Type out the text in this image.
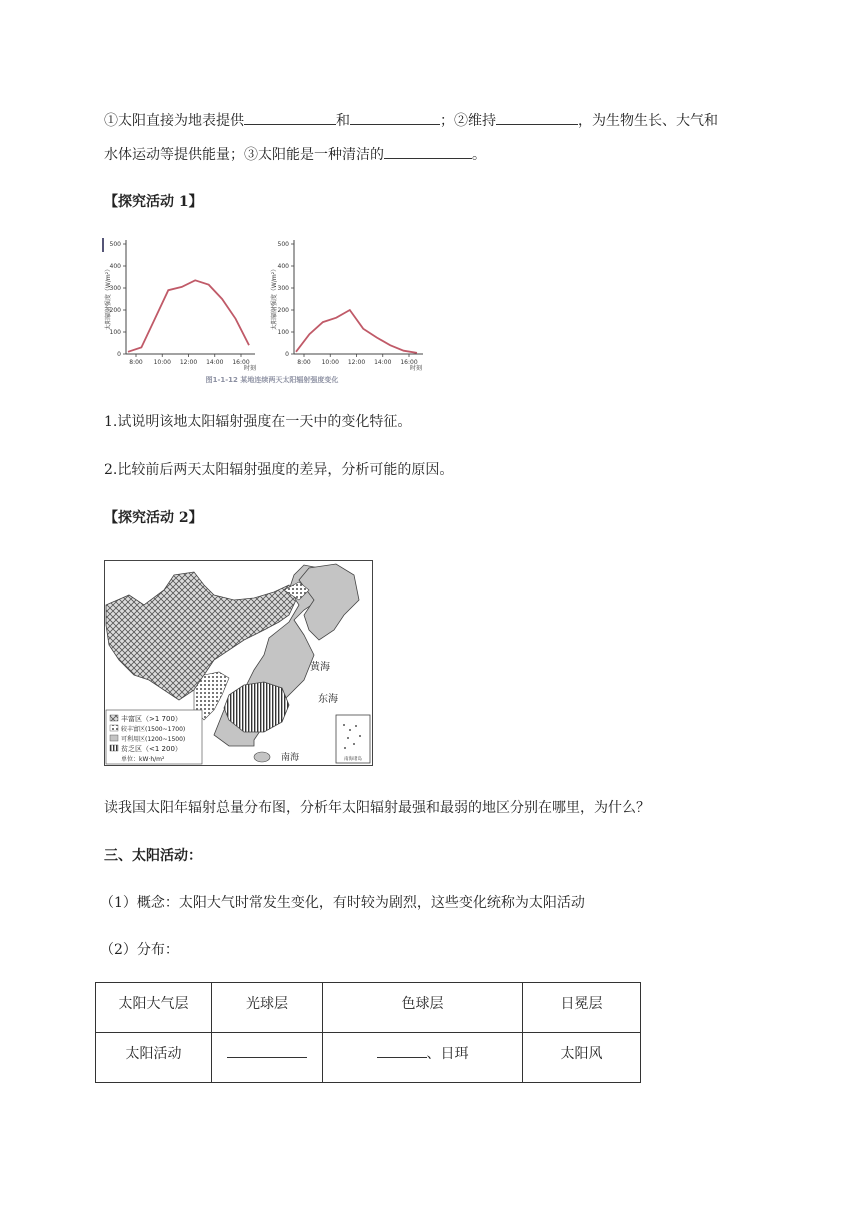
①太阳直接为地表提供	和	；②维持	，为生物生长、大气和
水体运动等提供能量；③太阳能是一种清洁的	。
【探究活动 1】
太阳辐射强度（W/m²）
0
100
200
300
400
500
8:00 10:00 12:00 14:00 16:00
时刻
太阳辐射强度（W/m²）
0
100
200
300
400
500
8:00 10:00 12:00 14:00 16:00
时刻
图1-1-12 某地连续两天太阳辐射强度变化
1.试说明该地太阳辐射强度在一天中的变化特征。
2.比较前后两天太阳辐射强度的差异，分析可能的原因。
【探究活动 2】
黄海
东海
南海	南海诸岛
丰富区（>1 700）
较丰富区(1500~1700)
可利用区(1200~1500)
贫乏区（<1 200）
单位：kW·h/m²
读我国太阳年辐射总量分布图，分析年太阳辐射最强和最弱的地区分别在哪里，为什么？
三、太阳活动：
（1）概念：太阳大气时常发生变化，有时较为剧烈，这些变化统称为太阳活动
（2）分布：
太阳大气层	光球层	色球层	日冕层
太阳活动		、日珥	太阳风
